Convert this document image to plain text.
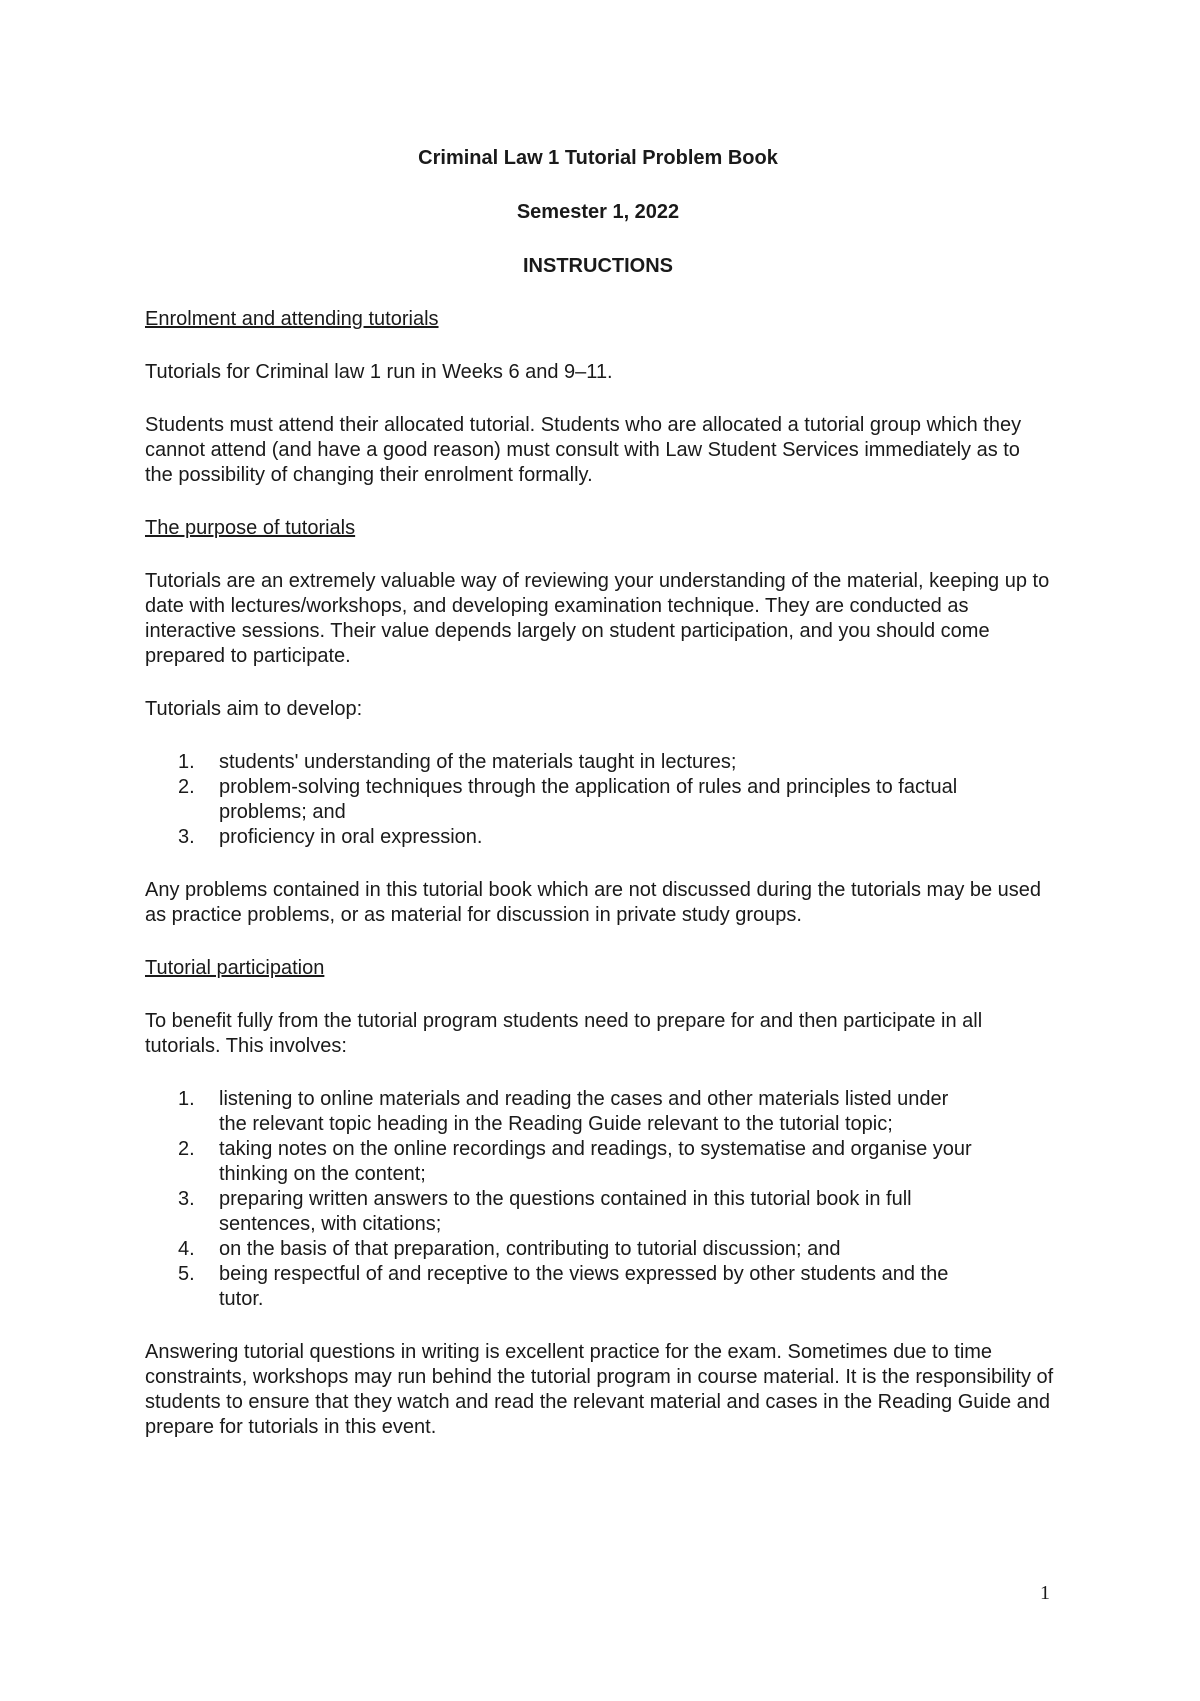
Criminal Law 1 Tutorial Problem Book

Semester 1, 2022

INSTRUCTIONS

Enrolment and attending tutorials

Tutorials for Criminal law 1 run in Weeks 6 and 9–11.

Students must attend their allocated tutorial. Students who are allocated a tutorial group which they cannot attend (and have a good reason) must consult with Law Student Services immediately as to the possibility of changing their enrolment formally.

The purpose of tutorials

Tutorials are an extremely valuable way of reviewing your understanding of the material, keeping up to date with lectures/workshops, and developing examination technique. They are conducted as interactive sessions. Their value depends largely on student participation, and you should come prepared to participate.

Tutorials aim to develop:

1.	students' understanding of the materials taught in lectures;
2.	problem-solving techniques through the application of rules and principles to factual problems; and
3.	proficiency in oral expression.

Any problems contained in this tutorial book which are not discussed during the tutorials may be used as practice problems, or as material for discussion in private study groups.

Tutorial participation

To benefit fully from the tutorial program students need to prepare for and then participate in all tutorials. This involves:

1.	listening to online materials and reading the cases and other materials listed under the relevant topic heading in the Reading Guide relevant to the tutorial topic;
2.	taking notes on the online recordings and readings, to systematise and organise your thinking on the content;
3.	preparing written answers to the questions contained in this tutorial book in full sentences, with citations;
4.	on the basis of that preparation, contributing to tutorial discussion; and
5.	being respectful of and receptive to the views expressed by other students and the tutor.

Answering tutorial questions in writing is excellent practice for the exam. Sometimes due to time constraints, workshops may run behind the tutorial program in course material. It is the responsibility of students to ensure that they watch and read the relevant material and cases in the Reading Guide and prepare for tutorials in this event.

1
